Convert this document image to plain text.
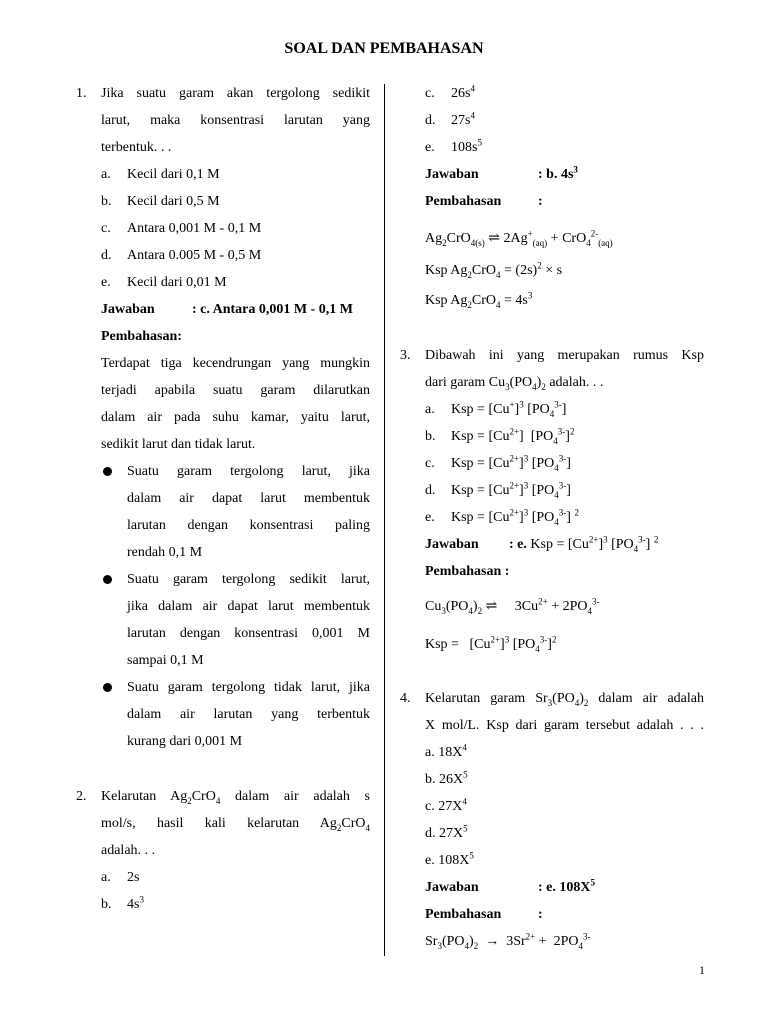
SOAL DAN PEMBAHASAN
1
1. Jika suatu garam akan tergolong sedikit
larut, maka konsentrasi larutan yang
terbentuk. . .
a. Kecil dari 0,1 M
b. Kecil dari 0,5 M
c. Antara 0,001 M - 0,1 M
d. Antara 0.005 M - 0,5 M
e. Kecil dari 0,01 M
Jawaban	: c. Antara 0,001 M - 0,1 M
Pembahasan:
Terdapat tiga kecendrungan yang mungkin
terjadi apabila suatu garam dilarutkan
dalam air pada suhu kamar, yaitu larut,
sedikit larut dan tidak larut.
Suatu garam tergolong larut, jika
dalam air dapat larut membentuk
larutan dengan konsentrasi paling
rendah 0,1 M
Suatu garam tergolong sedikit larut,
jika dalam air dapat larut membentuk
larutan dengan konsentrasi 0,001 M
sampai 0,1 M
Suatu garam tergolong tidak larut, jika
dalam air larutan yang terbentuk
kurang dari 0,001 M
2. Kelarutan $Ag_2CrO_4$ dalam air adalah s
mol/s, hasil kali kelarutan $Ag_2CrO_4$
adalah. . .
a. 2s
b. $4s^3$
c. $26s^4$
d. $27s^4$
e. $108s^5$
Jawaban	: b. $4s^3$
Pembahasan	:
$Ag_2CrO_{4(s)}$ ⇌ $2Ag^+_{(aq)} + CrO_4^{2-}_{(aq)}$
Ksp $Ag_2CrO_4 = (2s)^2 \times s$
Ksp $Ag_2CrO_4 = 4s^3$
3. Dibawah ini yang merupakan rumus Ksp
dari garam $Cu_3(PO_4)_2$ adalah. . .
a. Ksp = $[Cu^+]^3$ $[PO_4^{3-}]$
b. Ksp = $[Cu^{2+}]$  $[PO_4^{3-}]^2$
c. Ksp = $[Cu^{2+}]^3$ $[PO_4^{3-}]$
d. Ksp = $[Cu^{2+}]^3$ $[PO_4^{3-}]$
e. Ksp = $[Cu^{2+}]^3$ $[PO_4^{3-}]$ $^2$
Jawaban : e. Ksp = $[Cu^{2+}]^3$ $[PO_4^{3-}]$ $^2$
Pembahasan :
$Cu_3(PO_4)_2$ ⇌     $3Cu^{2+} + 2PO_4^{3-}$
Ksp =   $[Cu^{2+}]^3$ $[PO_4^{3-}]^2$
4. Kelarutan garam $Sr_3(PO_4)_2$ dalam air adalah
X mol/L. Ksp dari garam tersebut adalah . . .
a. $18X^4$
b. $26X^5$
c. $27X^4$
d. $27X^5$
e. $108X^5$
Jawaban	: e. $108X^5$
Pembahasan	:
$Sr_3(PO_4)_2 \to 3Sr^{2+} + 2PO_4^{3-}$
